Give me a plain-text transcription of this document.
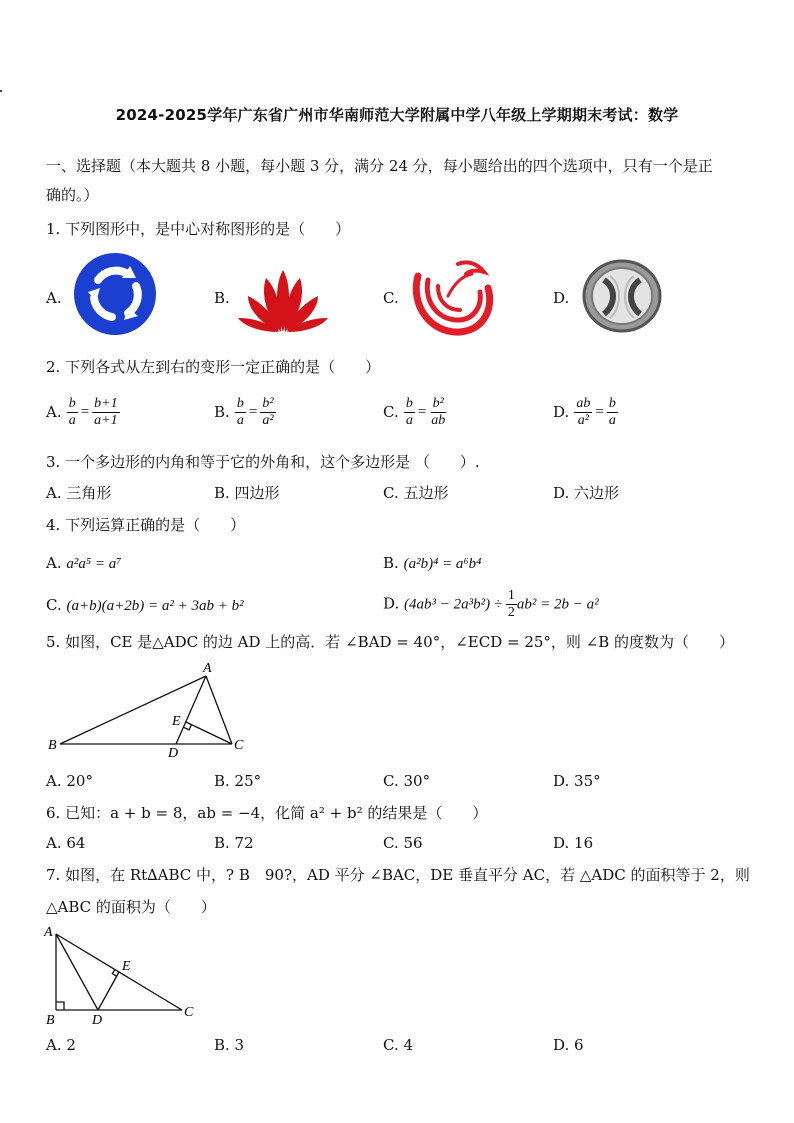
2024-2025学年广东省广州市华南师范大学附属中学八年级上学期期末考试：数学
一、选择题（本大题共 8 小题，每小题 3 分，满分 24 分，每小题给出的四个选项中，只有一个是正
确的。）
1. 下列图形中，是中心对称图形的是（　　）
A.	B.	C.	D.
2. 下列各式从左到右的变形一定正确的是（　　）
A. $\frac{b}{a} = \frac{b+1}{a+1}$	B. $\frac{b}{a} = \frac{\text{b²}}{\text{a²}}$	C. $\frac{b}{a} = \frac{\text{b²}}{ab}$	D. $\frac{ab}{\text{a²}} = \frac{b}{a}$
3. 一个多边形的内角和等于它的外角和，这个多边形是 （　　）.
A. 三角形	B. 四边形	C. 五边形	D. 六边形
4. 下列运算正确的是（　　）
A. a²a⁵ = a⁷	B. (a²b)⁴ = a⁶b⁴
C. (a+b)(a+2b) = a² + 3ab + b²	D. $(4ab^3 - 2a^3b^2) \div \frac{1}{2} ab^2 = 2b - a^2$
5. 如图，CE 是△ADC 的边 AD 上的高．若 ∠BAD = 40°，∠ECD = 25°，则 ∠B 的度数为（　　）
A
B	C
D
E
A. 20°	B. 25°	C. 30°	D. 35°
6. 已知：a + b = 8，ab = −4，化简 a² + b² 的结果是（　　）
A. 64	B. 72	C. 56	D. 16
7. 如图，在 Rt∆ABC 中，? B　90?，AD 平分 ∠BAC，DE 垂直平分 AC，若 △ADC 的面积等于 2，则
△ABC 的面积为（　　）
A
B
C
D
E
A. 2	B. 3	C. 4	D. 6
